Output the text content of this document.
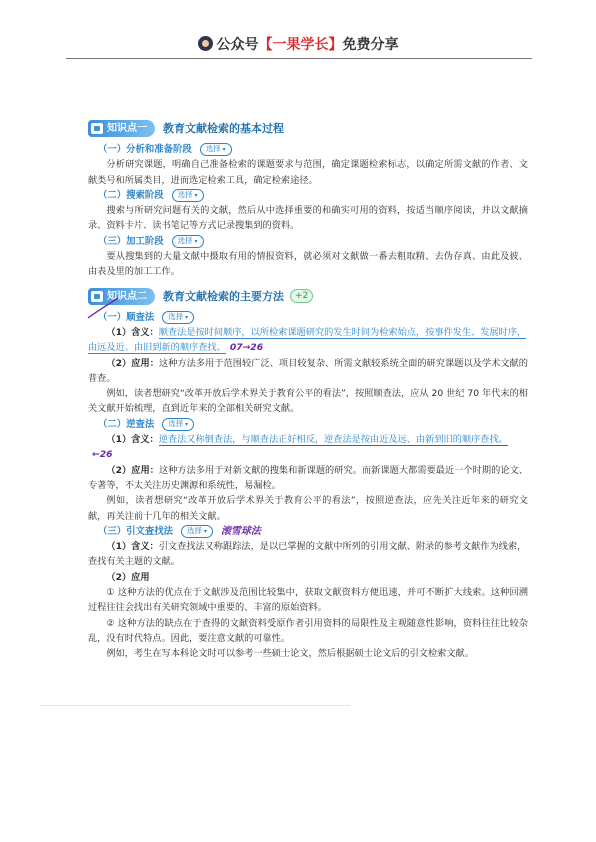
公众号【一果学长】免费分享
知识点一 教育文献检索的基本过程
（一）分析和准备阶段	选择 ▾

分析研究课题，明确自己准备检索的课题要求与范围，确定课题检索标志，以确定所需文献的作者、文献类号和所属类目，进而选定检索工具，确定检索途径。

（二）搜索阶段	选择 ▾

搜索与所研究问题有关的文献，然后从中选择重要的和确实可用的资料，按适当顺序阅读，并以文献摘录、资料卡片、读书笔记等方式记录搜集到的资料。

（三）加工阶段	选择 ▾

要从搜集到的大量文献中摄取有用的情报资料，就必须对文献做一番去粗取精、去伪存真、由此及彼、由表及里的加工工作。

知识点二 教育文献检索的主要方法	+2
（一）顺查法	选择 ▾

（1）含义：顺查法是按时间顺序，以所检索课题研究的发生时间为检索始点，按事件发生、发展时序，由远及近、由旧到新的顺序查找。 07→26

（2）应用：这种方法多用于范围较广泛、项目较复杂、所需文献较系统全面的研究课题以及学术文献的普查。

例如，读者想研究“改革开放后学术界关于教育公平的看法”，按照顺查法，应从 20 世纪 70 年代末的相关文献开始梳理，直到近年来的全部相关研究文献。

（二）逆查法	选择 ▾

（1）含义：逆查法又称倒查法，与顺查法正好相反，逆查法是按由近及远、由新到旧的顺序查找。←26

（2）应用：这种方法多用于对新文献的搜集和新课题的研究。而新课题大都需要最近一个时期的论文、专著等，不太关注历史渊源和系统性，易漏检。

例如，读者想研究“改革开放后学术界关于教育公平的看法”，按照逆查法，应先关注近年来的研究文献，再关注前十几年的相关文献。

（三）引文查找法	选择 ▾	滚雪球法

（1）含义：引文查找法又称跟踪法，是以已掌握的文献中所列的引用文献、附录的参考文献作为线索，查找有关主题的文献。

（2）应用

① 这种方法的优点在于文献涉及范围比较集中，获取文献资料方便迅速，并可不断扩大线索。这种回溯过程往往会找出有关研究领域中重要的、丰富的原始资料。

② 这种方法的缺点在于查得的文献资料受原作者引用资料的局限性及主观随意性影响，资料往往比较杂乱，没有时代特点。因此，要注意文献的可靠性。

例如，考生在写本科论文时可以参考一些硕士论文，然后根据硕士论文后的引文检索文献。
